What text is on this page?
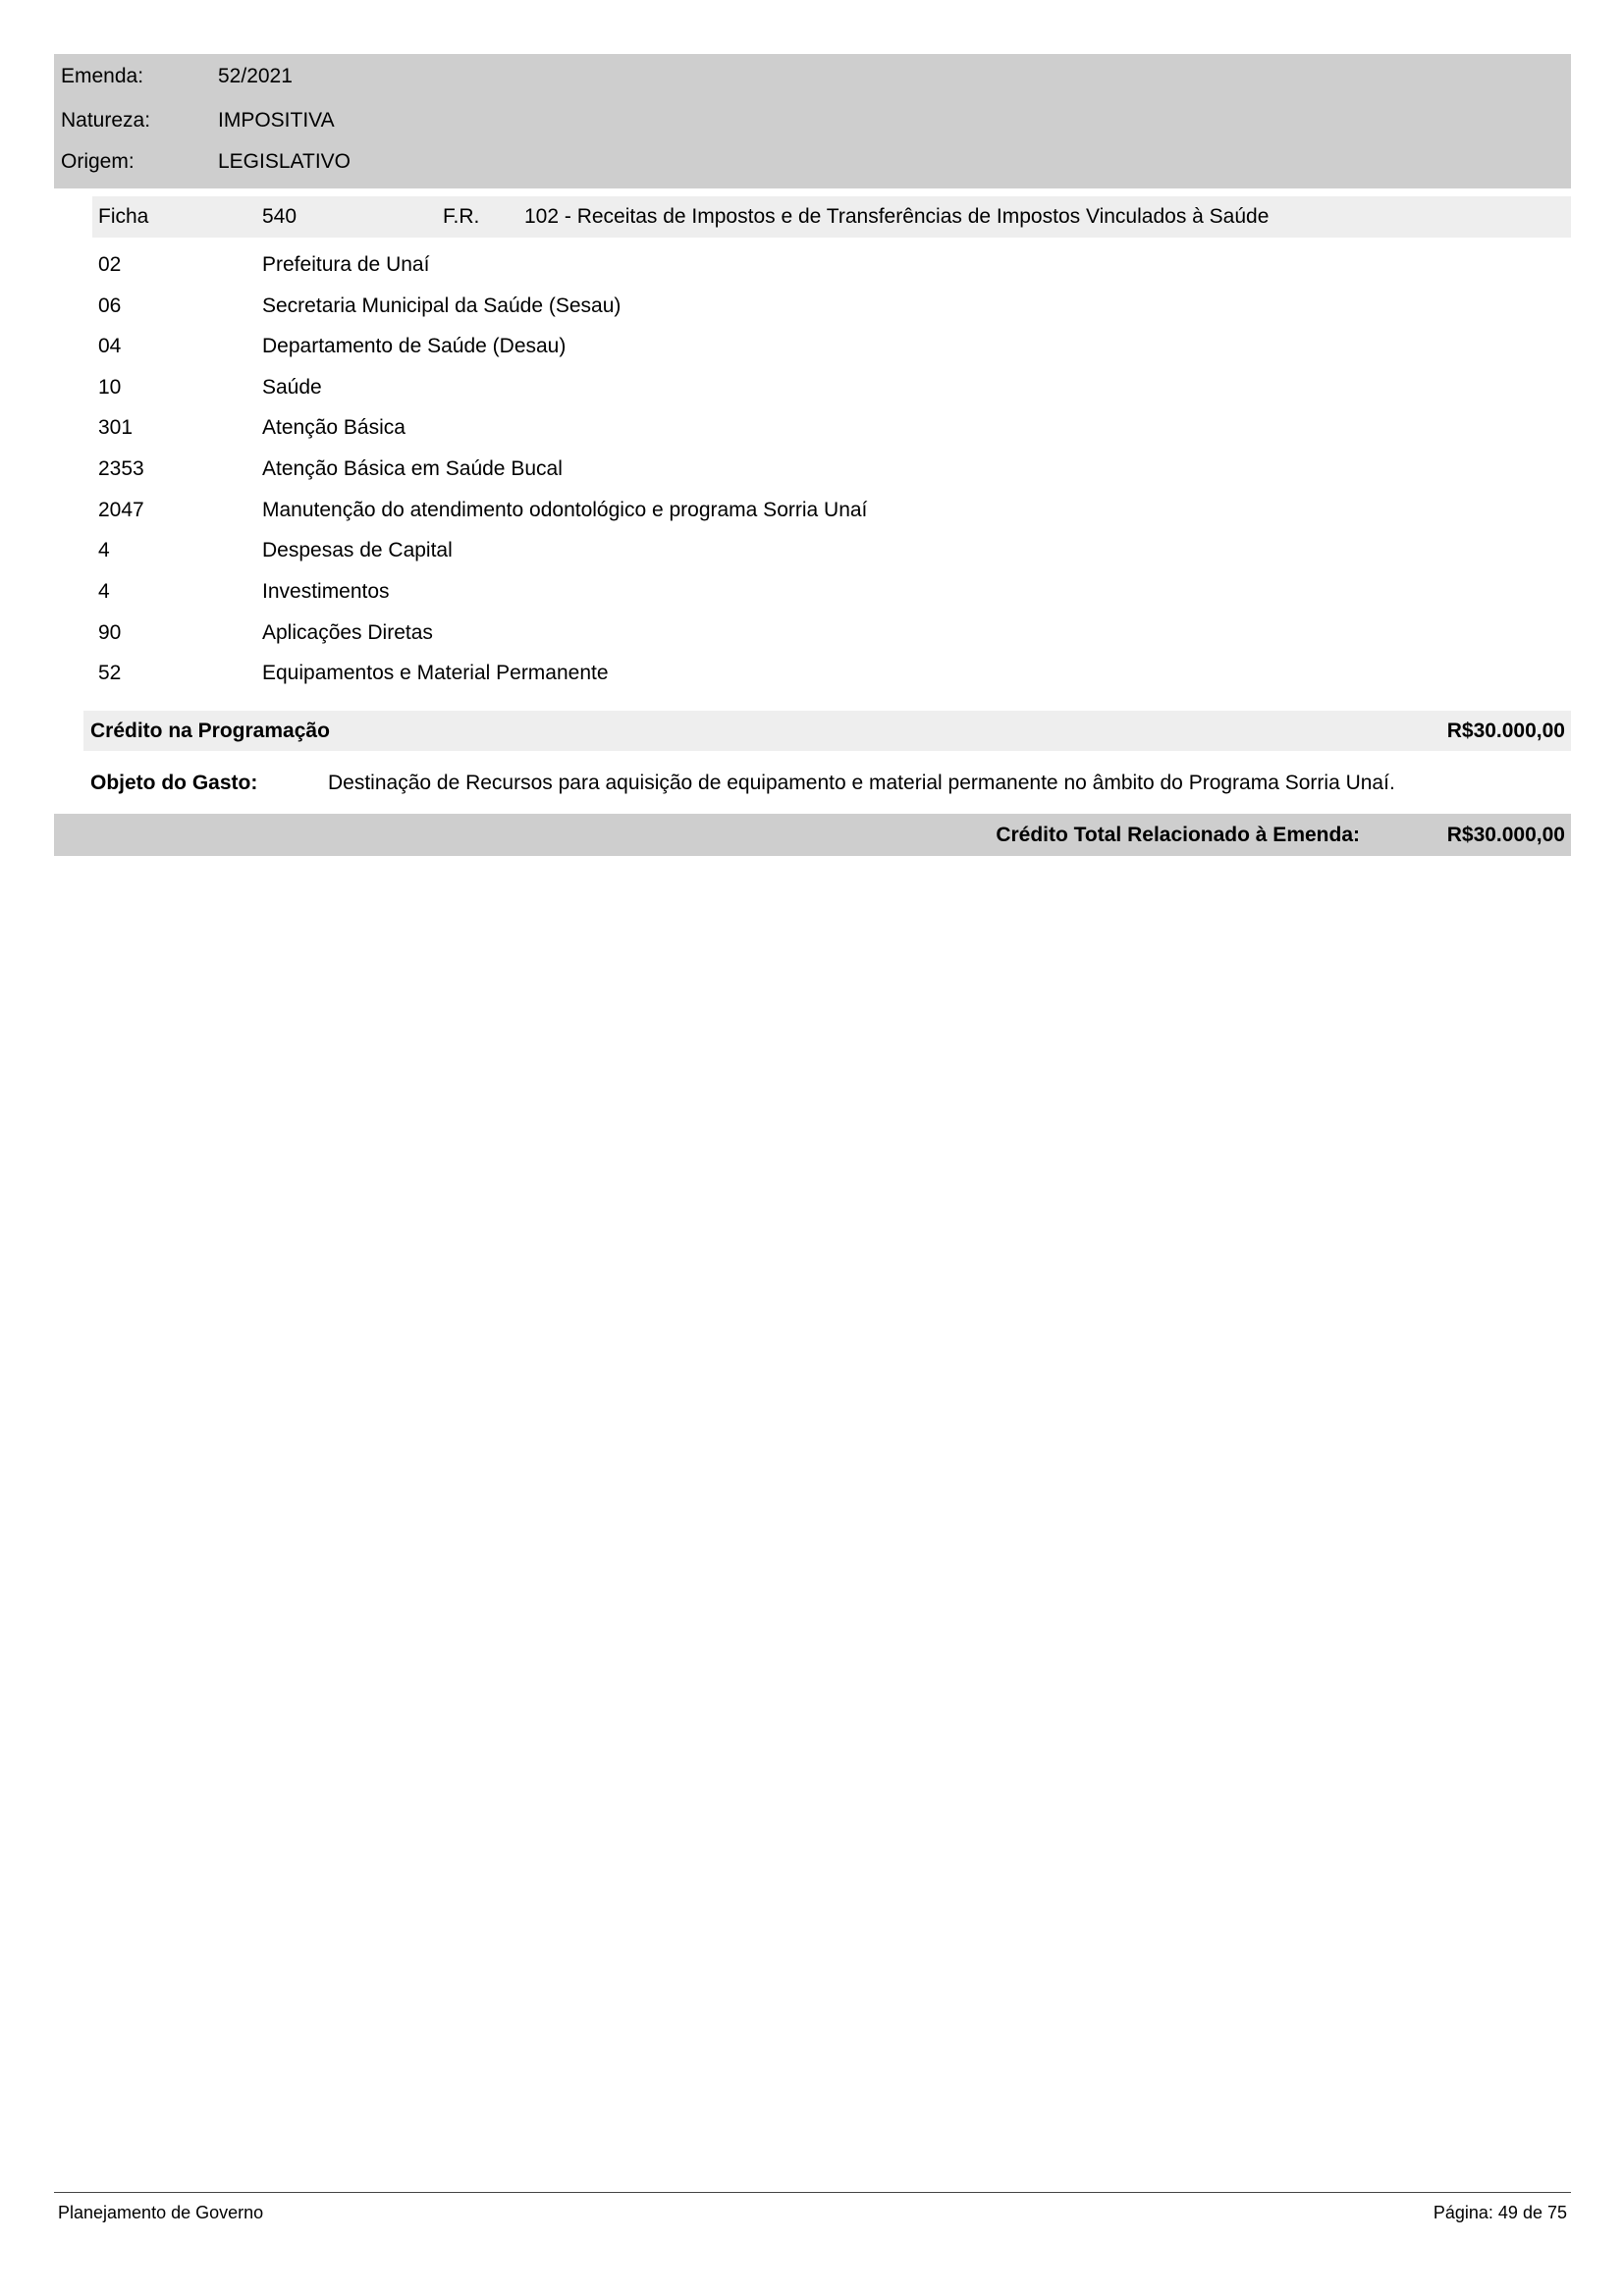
Emenda:	52/2021
Natureza:	IMPOSITIVA
Origem:	LEGISLATIVO
Ficha	540	F.R. 102 - Receitas de Impostos e de Transferências de Impostos Vinculados à Saúde
02	Prefeitura de Unaí
06	Secretaria Municipal da Saúde (Sesau)
04	Departamento de Saúde (Desau)
10	Saúde
301	Atenção Básica
2353	Atenção Básica em Saúde Bucal
2047	Manutenção do atendimento odontológico e programa Sorria Unaí
4	Despesas de Capital
4	Investimentos
90	Aplicações Diretas
52	Equipamentos e Material Permanente
Crédito na Programação	R$30.000,00
Objeto do Gasto:	Destinação de Recursos para aquisição de equipamento e material permanente no âmbito do Programa Sorria Unaí.
Crédito Total Relacionado à Emenda:	R$30.000,00
Planejamento de Governo	Página: 49 de 75
